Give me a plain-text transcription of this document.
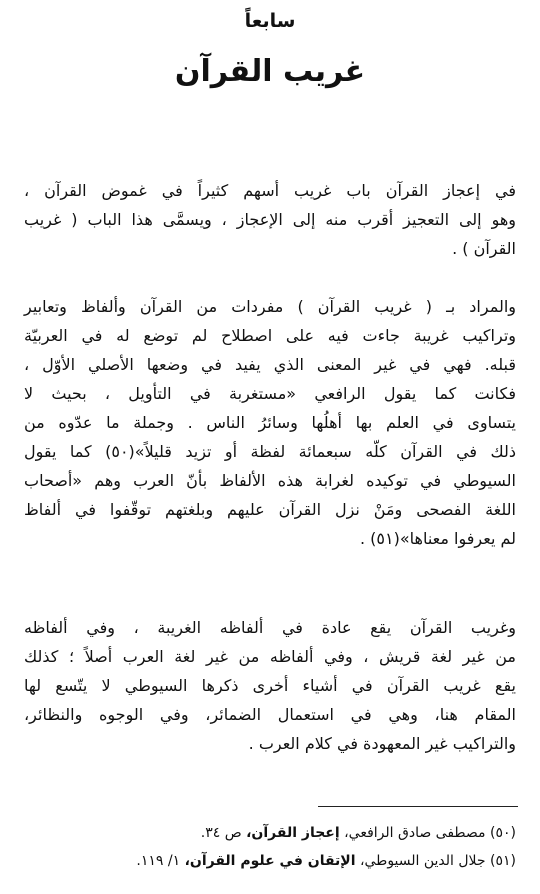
سابعاً
غريب القرآن
في إعجاز القرآن باب غريب أسهم كثيراً في غموض القرآن ،
وهو إلى التعجيز أقرب منه إلى الإعجاز ، ويسمَّى هذا الباب ( غريب
القرآن ) .
والمراد بـ ( غريب القرآن ) مفردات من القرآن وألفاظ وتعابير
وتراكيب غريبة جاءت فيه على اصطلاح لم توضع له في العربيّة
قبله. فهي في غير المعنى الذي يفيد في وضعها الأصلي الأوّل ،
فكانت كما يقول الرافعي «مستغربة في التأويل ، بحيث لا
يتساوى في العلم بها أهلُها وسائرُ الناس . وجملة ما عدّوه من
ذلك في القرآن كلّه سبعمائة لفظة أو تزيد قليلاً»(٥٠) كما يقول
السيوطي في توكيده لغرابة هذه الألفاظ بأنّ العرب وهم «أصحاب
اللغة الفصحى ومَنْ نزل القرآن عليهم وبلغتهم توقّفوا في ألفاظ
لم يعرفوا معناها»(٥١) .
وغريب القرآن يقع عادة في ألفاظه الغريبة ، وفي ألفاظه
من غير لغة قريش ، وفي ألفاظه من غير لغة العرب أصلاً ؛ كذلك
يقع غريب القرآن في أشياء أخرى ذكرها السيوطي لا يتّسع لها
المقام هنا، وهي في استعمال الضمائر، وفي الوجوه والنظائر،
والتراكيب غير المعهودة في كلام العرب .
(٥٠) مصطفى صادق الرافعي، إعجاز القرآن، ص ٣٤.
(٥١) جلال الدين السيوطي، الإتقان في علوم القرآن، ١/ ١١٩.
